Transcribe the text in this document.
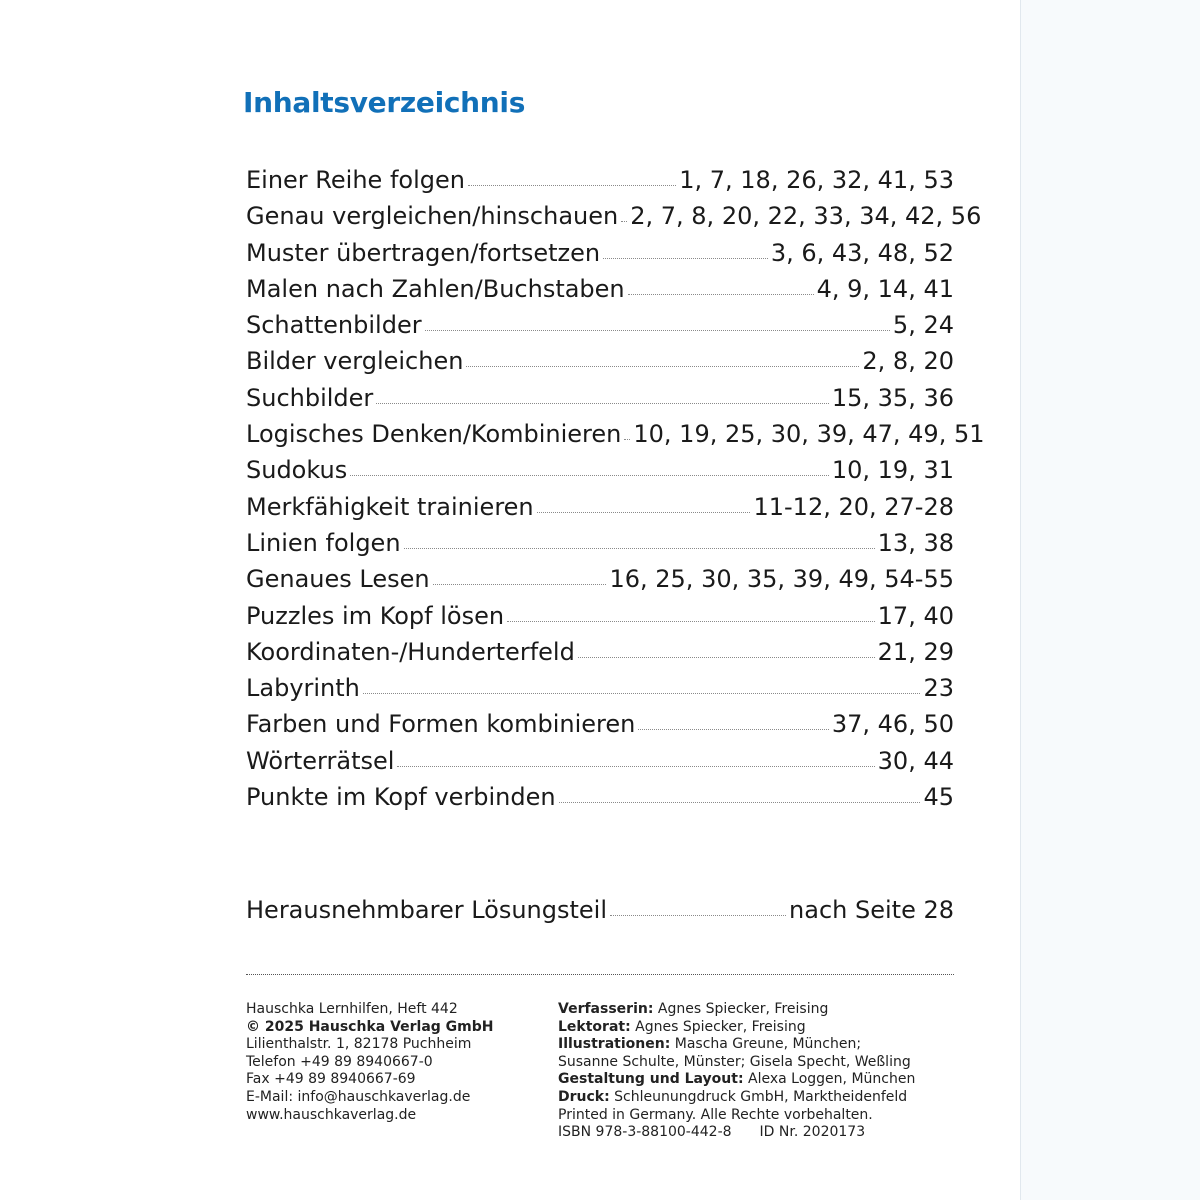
Inhaltsverzeichnis
Einer Reihe folgen	1, 7, 18, 26, 32, 41, 53
Genau vergleichen/hinschauen 2, 7, 8, 20, 22, 33, 34, 42, 56
Muster übertragen/fortsetzen	3, 6, 43, 48, 52
Malen nach Zahlen/Buchstaben	4, 9, 14, 41
Schattenbilder	5, 24
Bilder vergleichen	2, 8, 20
Suchbilder	15, 35, 36
Logisches Denken/Kombinieren 10, 19, 25, 30, 39, 47, 49, 51
Sudokus	10, 19, 31
Merkfähigkeit trainieren	11-12, 20, 27-28
Linien folgen	13, 38
Genaues Lesen	16, 25, 30, 35, 39, 49, 54-55
Puzzles im Kopf lösen	17, 40
Koordinaten-/Hunderterfeld	21, 29
Labyrinth	23
Farben und Formen kombinieren	37, 46, 50
Wörterrätsel	30, 44
Punkte im Kopf verbinden	45
Herausnehmbarer Lösungsteil	nach Seite 28
Hauschka Lernhilfen, Heft 442
© 2025 Hauschka Verlag GmbH
Lilienthalstr. 1, 82178 Puchheim
Telefon +49 89 8940667-0
Fax +49 89 8940667-69
E-Mail: info@hauschkaverlag.de
www.hauschkaverlag.de
Verfasserin: Agnes Spiecker, Freising
Lektorat: Agnes Spiecker, Freising
Illustrationen: Mascha Greune, München;
Susanne Schulte, Münster; Gisela Specht, Weßling
Gestaltung und Layout: Alexa Loggen, München
Druck: Schleunungdruck GmbH, Marktheidenfeld
Printed in Germany. Alle Rechte vorbehalten.
ISBN 978-3-88100-442-8 ID Nr. 2020173
